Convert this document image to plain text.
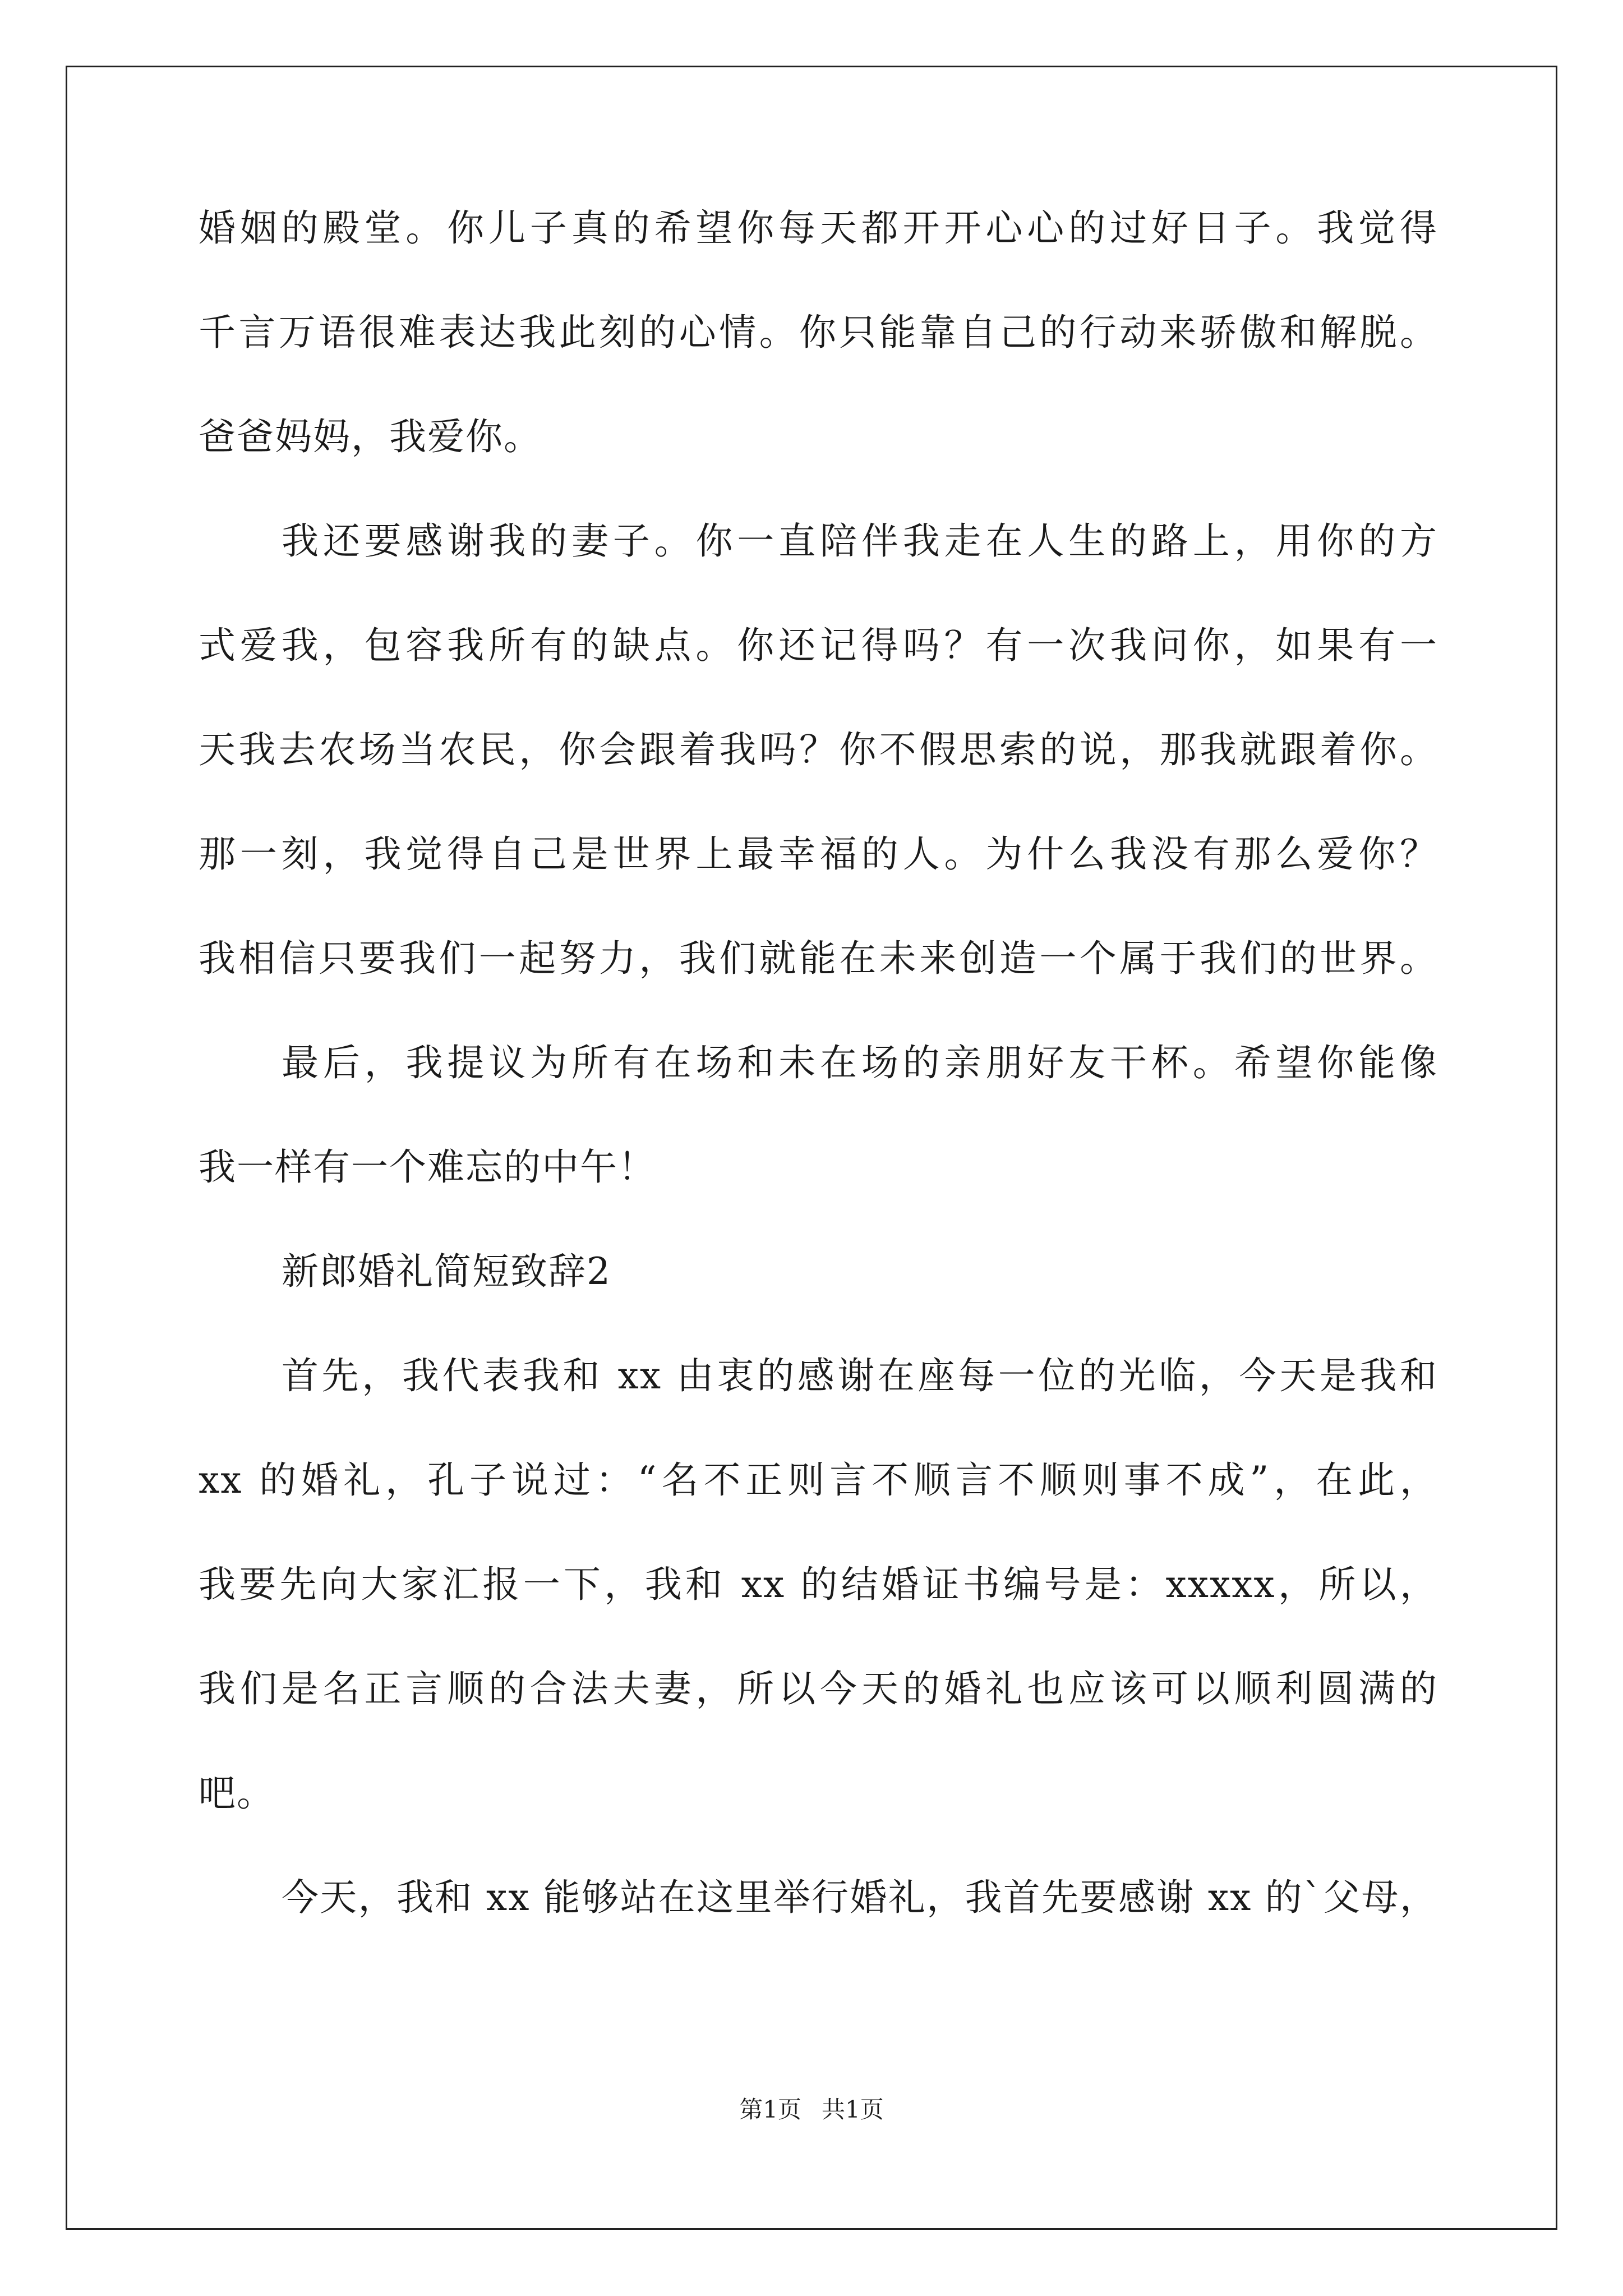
婚姻的殿堂。你儿子真的希望你每天都开开心心的过好日子。我觉得
千言万语很难表达我此刻的心情。你只能靠自己的行动来骄傲和解脱。
爸爸妈妈，我爱你。
我还要感谢我的妻子。你一直陪伴我走在人生的路上，用你的方
式爱我，包容我所有的缺点。你还记得吗？有一次我问你，如果有一
天我去农场当农民，你会跟着我吗？你不假思索的说，那我就跟着你。
那一刻，我觉得自己是世界上最幸福的人。为什么我没有那么爱你？
我相信只要我们一起努力，我们就能在未来创造一个属于我们的世界。
最后，我提议为所有在场和未在场的亲朋好友干杯。希望你能像
我一样有一个难忘的中午！
新郎婚礼简短致辞2
首先，我代表我和 xx 由衷的感谢在座每一位的光临，今天是我和
xx 的婚礼，孔子说过：“名不正则言不顺言不顺则事不成”，在此，
我要先向大家汇报一下，我和 xx 的结婚证书编号是：xxxxx，所以，
我们是名正言顺的合法夫妻，所以今天的婚礼也应该可以顺利圆满的
吧。
今天，我和 xx 能够站在这里举行婚礼，我首先要感谢 xx 的`父母，
第1页 共1页
